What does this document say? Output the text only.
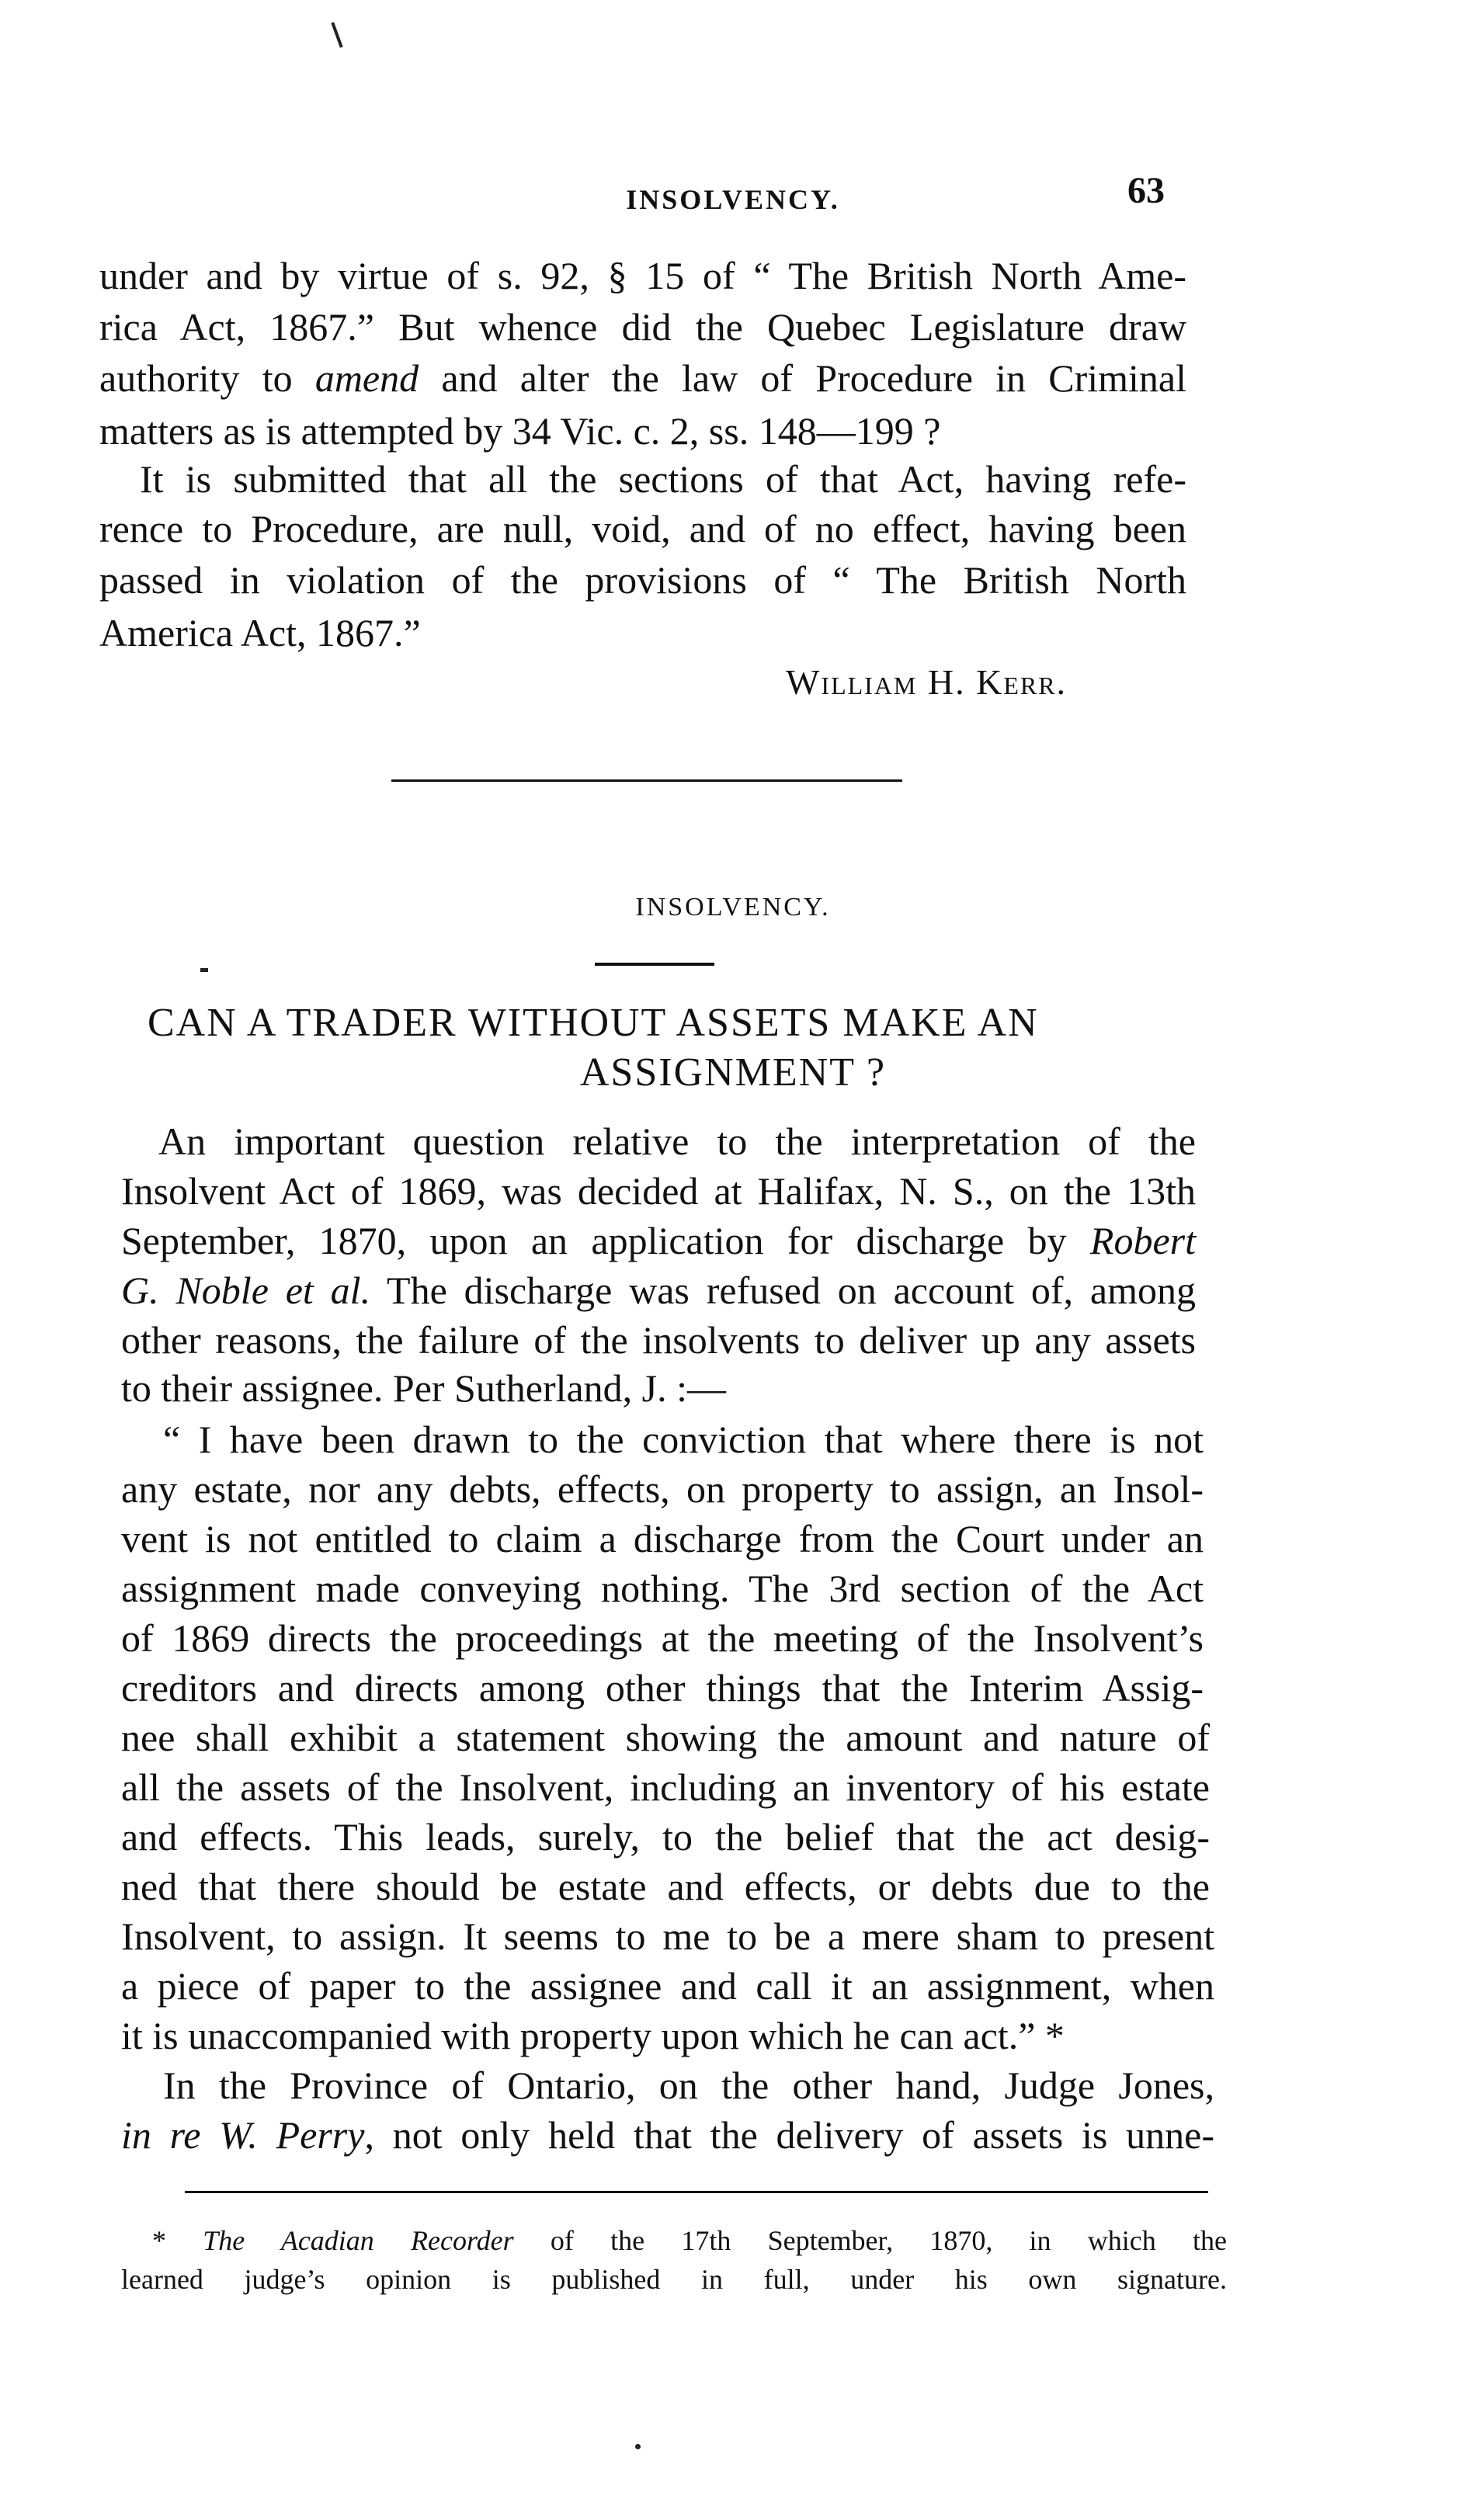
INSOLVENCY.	63
under and by virtue of s. 92, § 15 of “ The British North Ame-
rica Act, 1867.” But whence did the Quebec Legislature draw
authority to amend and alter the law of Procedure in Criminal
matters as is attempted by 34 Vic. c. 2, ss. 148—199 ?
It is submitted that all the sections of that Act, having refe-
rence to Procedure, are null, void, and of no effect, having been
passed in violation of the provisions of “ The British North
America Act, 1867.”
William H. Kerr.
INSOLVENCY.
CAN A TRADER WITHOUT ASSETS MAKE AN
ASSIGNMENT ?
An important question relative to the interpretation of the
Insolvent Act of 1869, was decided at Halifax, N. S., on the 13th
September, 1870, upon an application for discharge by Robert
G. Noble et al. The discharge was refused on account of, among
other reasons, the failure of the insolvents to deliver up any assets
to their assignee. Per Sutherland, J. :—
“ I have been drawn to the conviction that where there is not
any estate, nor any debts, effects, on property to assign, an Insol-
vent is not entitled to claim a discharge from the Court under an
assignment made conveying nothing. The 3rd section of the Act
of 1869 directs the proceedings at the meeting of the Insolvent’s
creditors and directs among other things that the Interim Assig-
nee shall exhibit a statement showing the amount and nature of
all the assets of the Insolvent, including an inventory of his estate
and effects. This leads, surely, to the belief that the act desig-
ned that there should be estate and effects, or debts due to the
Insolvent, to assign. It seems to me to be a mere sham to present
a piece of paper to the assignee and call it an assignment, when
it is unaccompanied with property upon which he can act.” *
In the Province of Ontario, on the other hand, Judge Jones,
in re W. Perry, not only held that the delivery of assets is unne-
* The Acadian Recorder of the 17th September, 1870, in which the
learned judge’s opinion is published in full, under his own signature.
